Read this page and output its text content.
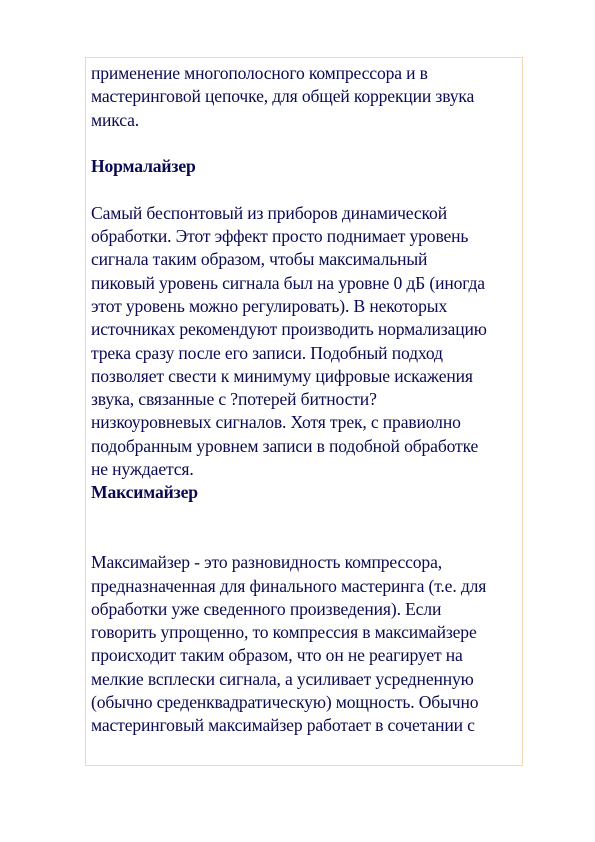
применение многополосного компрессора и в

мастеринговой цепочке, для общей коррекции звука

микса.

Нормалайзер

Самый беспонтовый из приборов динамической

обработки. Этот эффект просто поднимает уровень

сигнала таким образом, чтобы максимальный

пиковый уровень сигнала был на уровне 0 дБ (иногда

этот уровень можно регулировать). В некоторых

источниках рекомендуют производить нормализацию

трека сразу после его записи. Подобный подход

позволяет свести к минимуму цифровые искажения

звука, связанные с ?потерей битности?

низкоуровневых сигналов. Хотя трек, с правиолно

подобранным уровнем записи в подобной обработке

не нуждается.

Максимайзер

Максимайзер - это разновидность компрессора,

предназначенная для финального мастеринга (т.е. для

обработки уже сведенного произведения). Если

говорить упрощенно, то компрессия в максимайзере

происходит таким образом, что он не реагирует на

мелкие всплески сигнала, а усиливает усредненную

(обычно среденквадратическую) мощность. Обычно

мастеринговый максимайзер работает в сочетании с
